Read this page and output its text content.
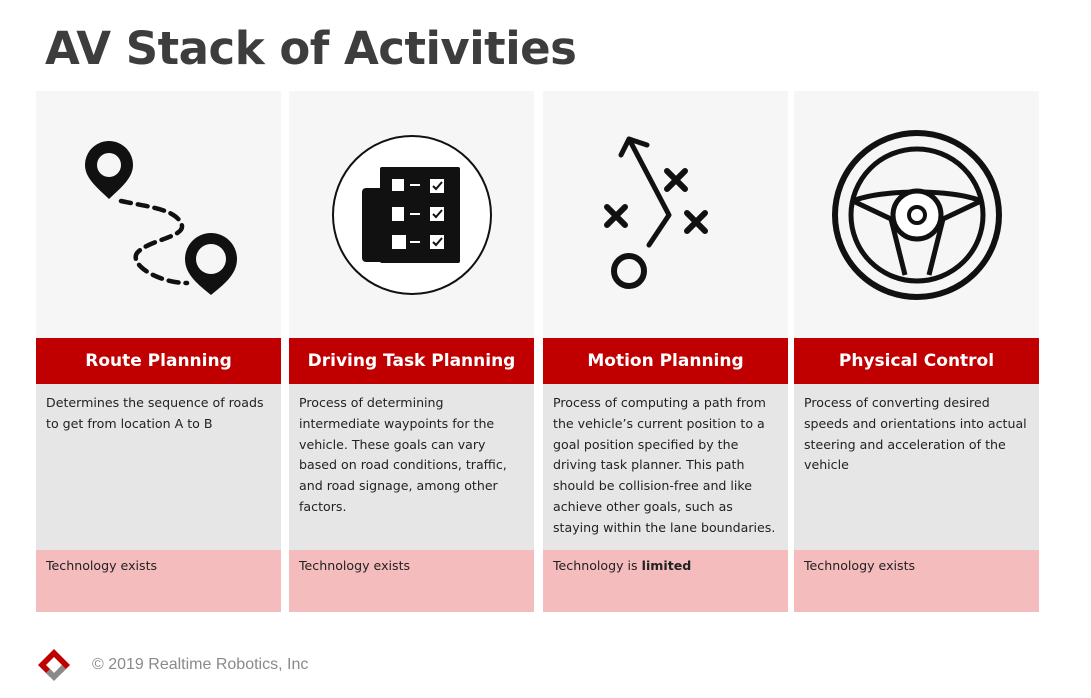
AV Stack of Activities
Route Planning
Determines the sequence of roads to get from location A to B
Technology exists
Driving Task Planning
Process of determining intermediate waypoints for the vehicle. These goals can vary based on road conditions, traffic, and road signage, among other factors.
Technology exists
Motion Planning
Process of computing a path from the vehicle’s current position to a goal position specified by the driving task planner. This path should be collision-free and like achieve other goals, such as staying within the lane boundaries.
Technology is limited
Physical Control
Process of converting desired speeds and orientations into actual steering and acceleration of the vehicle
Technology exists
© 2019 Realtime Robotics, Inc
